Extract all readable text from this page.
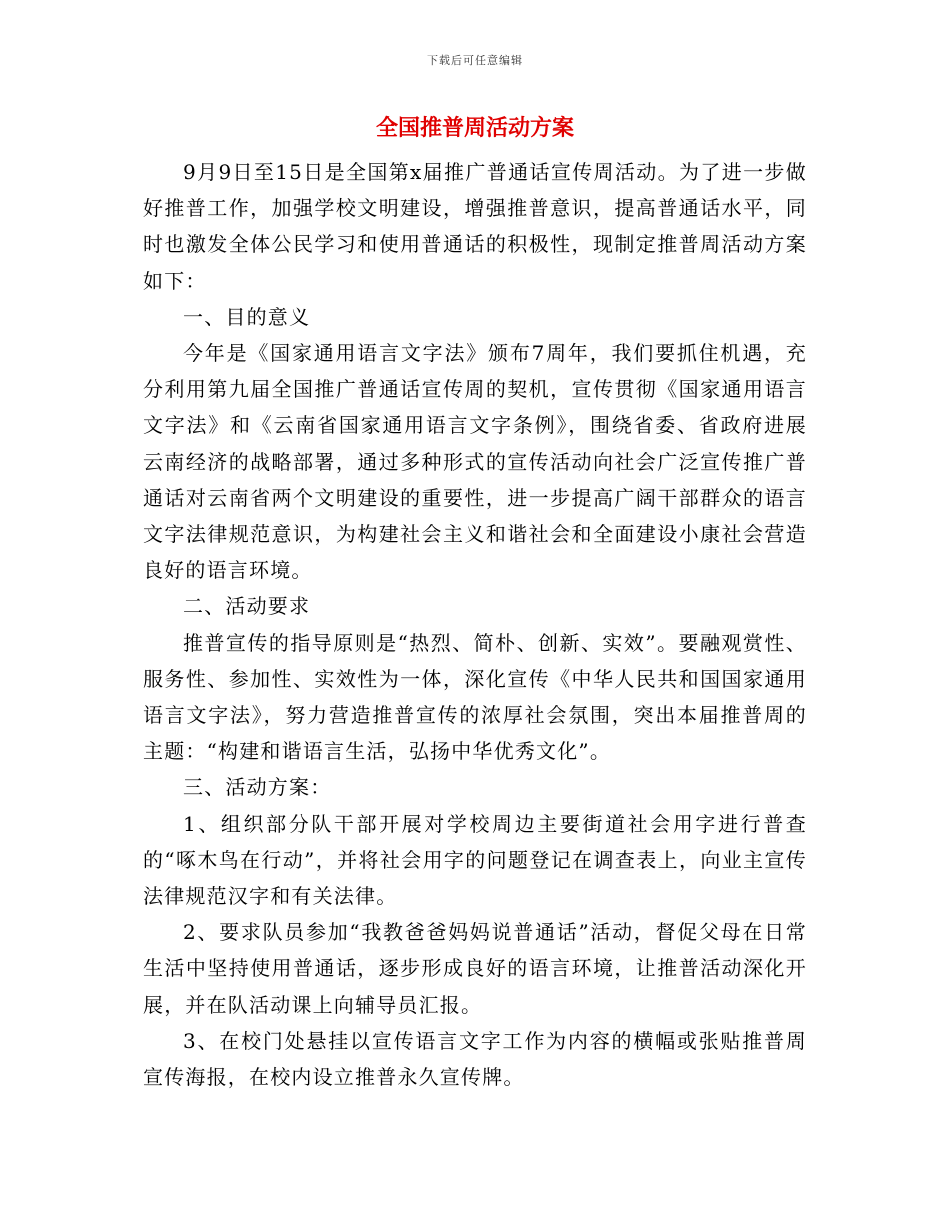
下载后可任意编辑
全国推普周活动方案

9月9日至15日是全国第x届推广普通话宣传周活动。为了进一步做好推普工作，加强学校文明建设，增强推普意识，提高普通话水平，同时也激发全体公民学习和使用普通话的积极性，现制定推普周活动方案如下：

一、目的意义

今年是《国家通用语言文字法》颁布7周年，我们要抓住机遇，充分利用第九届全国推广普通话宣传周的契机，宣传贯彻《国家通用语言文字法》和《云南省国家通用语言文字条例》，围绕省委、省政府进展云南经济的战略部署，通过多种形式的宣传活动向社会广泛宣传推广普通话对云南省两个文明建设的重要性，进一步提高广阔干部群众的语言文字法律规范意识，为构建社会主义和谐社会和全面建设小康社会营造良好的语言环境。

二、活动要求

推普宣传的指导原则是“热烈、简朴、创新、实效”。要融观赏性、服务性、参加性、实效性为一体，深化宣传《中华人民共和国国家通用语言文字法》，努力营造推普宣传的浓厚社会氛围，突出本届推普周的主题：“构建和谐语言生活，弘扬中华优秀文化”。

三、活动方案：

1、组织部分队干部开展对学校周边主要街道社会用字进行普查的“啄木鸟在行动”，并将社会用字的问题登记在调查表上，向业主宣传法律规范汉字和有关法律。

2、要求队员参加“我教爸爸妈妈说普通话”活动，督促父母在日常生活中坚持使用普通话，逐步形成良好的语言环境，让推普活动深化开展，并在队活动课上向辅导员汇报。

3、在校门处悬挂以宣传语言文字工作为内容的横幅或张贴推普周宣传海报，在校内设立推普永久宣传牌。
